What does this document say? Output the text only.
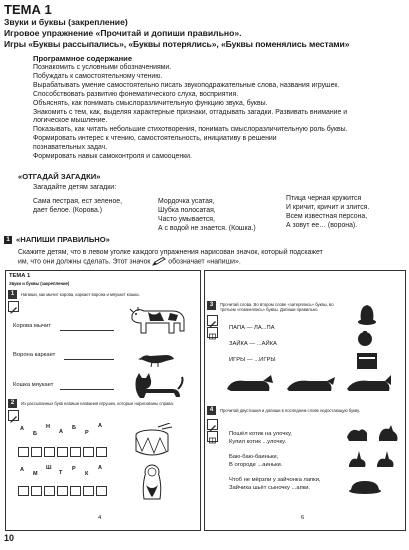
ТЕМА 1
Звуки и буквы (закрепление)
Игровое упражнение «Прочитай и допиши правильно».
Игры «Буквы рассыпались», «Буквы потерялись», «Буквы поменялись местами»
Программное содержание
Познакомить с условными обозначениями.
Побуждать к самостоятельному чтению.
Вырабатывать умение самостоятельно писать звукоподражательные слова, названия игрушек.
Способствовать развитию фонематического слуха, восприятия.
Объяснять, как понимать смыслоразличительную функцию звука, буквы.
Знакомить с тем, как, выделяя характерные признаки, отгадывать загадки. Развивать внимание и
логическое мышление.
Показывать, как читать небольшие стихотворения, понимать смыслоразличительную роль буквы.
Формировать интерес к чтению, самостоятельность, инициативу в решении
познавательных задач.
Формировать навык самоконтроля и самооценки.
«ОТГАДАЙ ЗАГАДКИ»
Загадайте детям загадки:
Сама пестрая, ест зеленое,
дает белое. (Корова.)
Мордочка усатая,
Шубка полосатая,
Часто умывается,
А с водой не знается. (Кошка.)
Птица черная кружится
И кричит, кричит и злится.
Всем известная персона,
А зовут ее… (ворона).
1 «НАПИШИ ПРАВИЛЬНО»
Скажите детям, что в левом уголке каждого упражнения нарисован значок, который подскажет
им, что они должны сделать. Этот значок	обозначает «напиши».
ТЕМА 1
Звуки и буквы (закрепление)
1	Напиши, как мычит корова, каркает ворона и мяукает кошка.
Корова мычит
Ворона каркает
Кошка мяукает
2	Из рассыпанных букв напиши названия игрушек, которые нарисованы справа.
А
Б
Н
А
Б
Р
А
А
М
Ш
Т
Р
К
А
4
3	Прочитай слова. Во втором слове «затерялись» буквы, во третьем «поменялись» буквы. Допиши правильно.
ПАПА — ЛА...ПА
ЗАЙКА — ...АЙКА
ИГРЫ — ...ИГРЫ
4	Прочитай двустишия и допиши в последнем слове недостающую букву.
Пошёл котик на улочку,
Купил котик ...улочку.
Баю-баю-баиньки,
В огороде ...аиньки.
Чтоб не мёрзли у зайчонка лапки,
Зайчиха шьёт сыночку ...апки.
6
10
